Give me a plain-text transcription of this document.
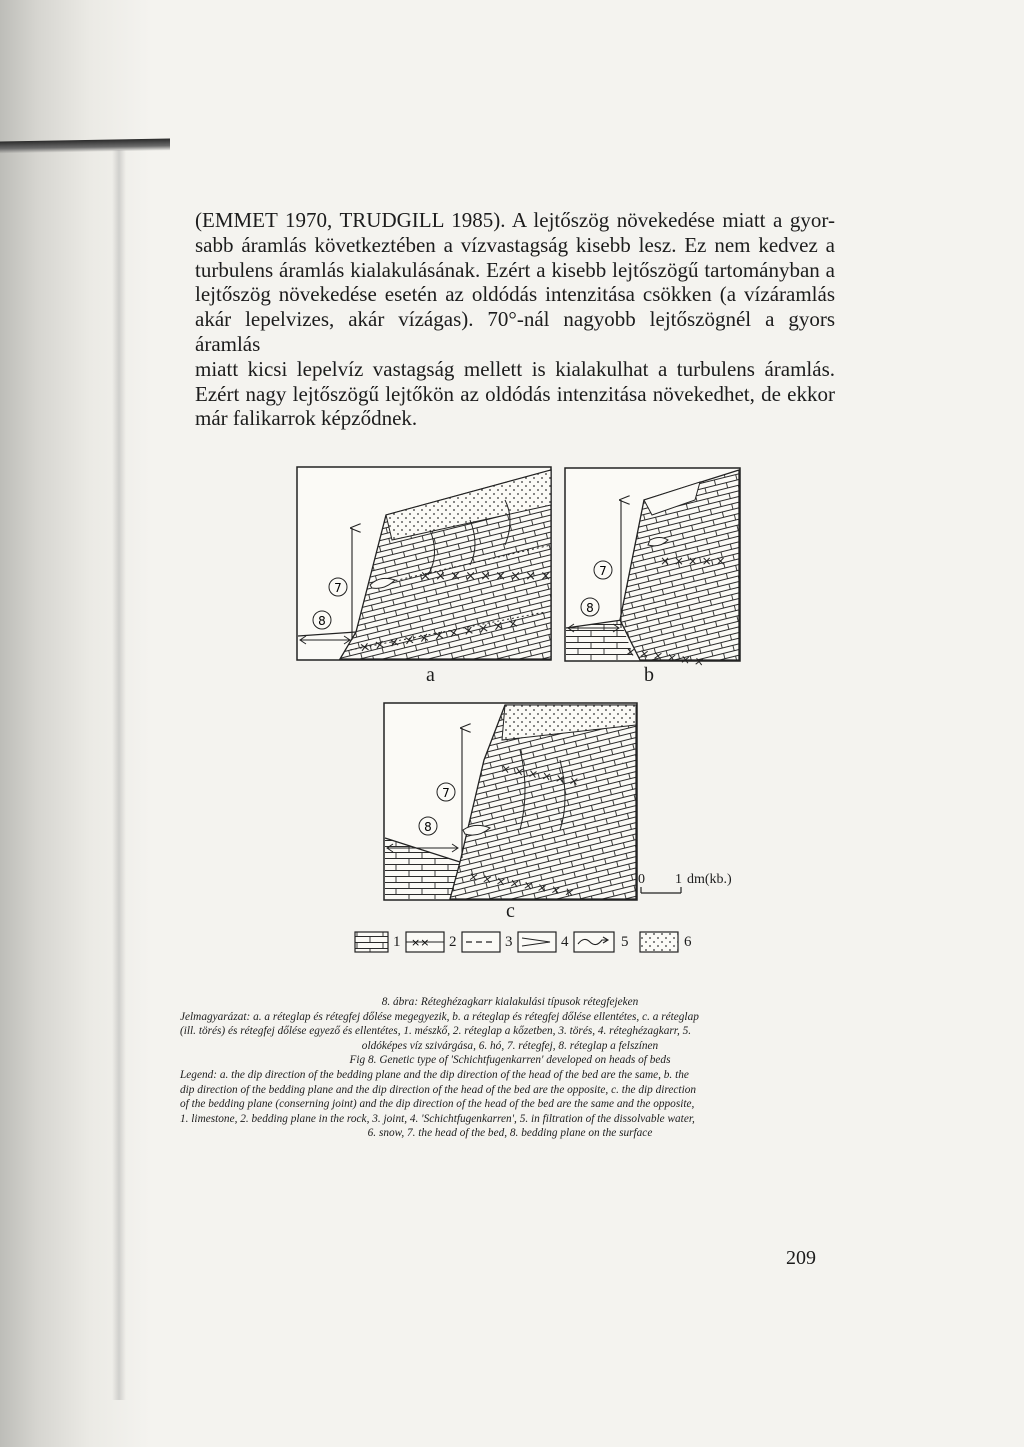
(EMMET 1970, TRUDGILL 1985). A lejtőszög növekedése miatt a gyor-
sabb áramlás következtében a vízvastagság kisebb lesz. Ez nem kedvez a
turbulens áramlás kialakulásának. Ezért a kisebb lejtőszögű tartományban a
lejtőszög növekedése esetén az oldódás intenzitása csökken (a vízáramlás
akár lepelvizes, akár vízágas). 70°-nál nagyobb lejtőszögnél a gyors áramlás
miatt kicsi lepelvíz vastagság mellett is kialakulhat a turbulens áramlás.
Ezért nagy lejtőszögű lejtőkön az oldódás intenzitása növekedhet, de ekkor
már falikarrok képződnek.

× × × × × × × × ×
× × × × × × × × × × ×
7
8
× × × × ×
× × × × × ×
7
8
× × × × × ×
× × × × × × × ×
7
8
××
a	b
c
0 1 dm(kb.)
1	2	3	4	5	6
8. ábra: Réteghézagkarr kialakulási típusok rétegfejeken
Jelmagyarázat: a. a réteglap és rétegfej dőlése megegyezik, b. a réteglap és rétegfej dőlése ellentétes, c. a réteglap
(ill. törés) és rétegfej dőlése egyező és ellentétes, 1. mészkő, 2. réteglap a kőzetben, 3. törés, 4. réteghézagkarr, 5.
oldóképes víz szivárgása, 6. hó, 7. rétegfej, 8. réteglap a felszínen
Fig 8. Genetic type of 'Schichtfugenkarren' developed on heads of beds
Legend: a. the dip direction of the bedding plane and the dip direction of the head of the bed are the same, b. the
dip direction of the bedding plane and the dip direction of the head of the bed are the opposite, c. the dip direction
of the bedding plane (conserning joint) and the dip direction of the head of the bed are the same and the opposite,
1. limestone, 2. bedding plane in the rock, 3. joint, 4. 'Schichtfugenkarren', 5. in filtration of the dissolvable water,
6. snow, 7. the head of the bed, 8. bedding plane on the surface
209
